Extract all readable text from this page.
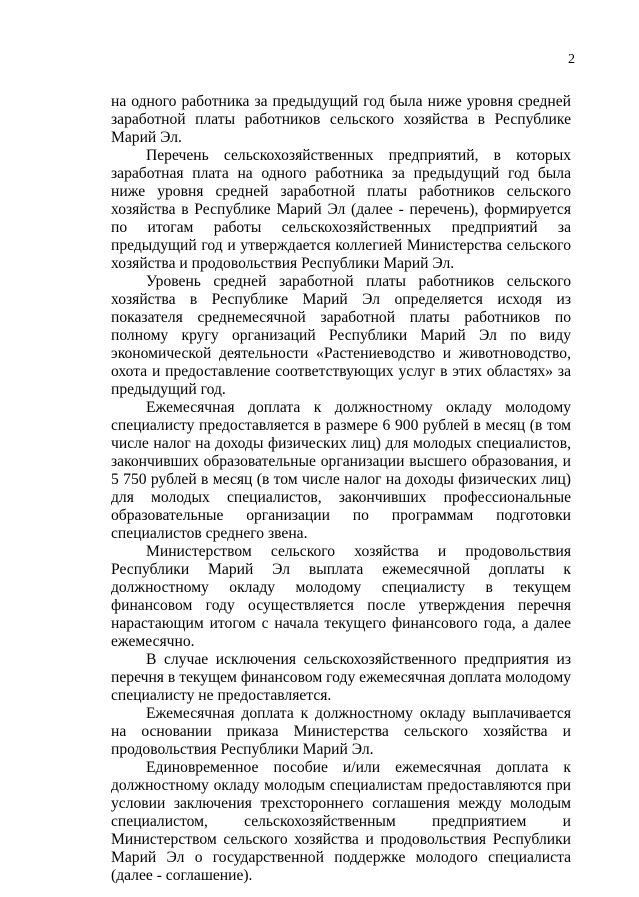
2

на одного работника за предыдущий год была ниже уровня средней заработной платы работников сельского хозяйства в Республике Марий Эл.

Перечень сельскохозяйственных предприятий, в которых заработная плата на одного работника за предыдущий год была ниже уровня средней заработной платы работников сельского хозяйства в Республике Марий Эл (далее - перечень), формируется по итогам работы сельскохозяйственных предприятий за предыдущий год и утверждается коллегией Министерства сельского хозяйства и продовольствия Республики Марий Эл.

Уровень средней заработной платы работников сельского хозяйства в Республике Марий Эл определяется исходя из показателя среднемесячной заработной платы работников по полному кругу организаций Республики Марий Эл по виду экономической деятельности «Растениеводство и животноводство, охота и предоставление соответствующих услуг в этих областях» за предыдущий год.

Ежемесячная доплата к должностному окладу молодому специалисту предоставляется в размере 6 900 рублей в месяц (в том числе налог на доходы физических лиц) для молодых специалистов, закончивших образовательные организации высшего образования, и 5 750 рублей в месяц (в том числе налог на доходы физических лиц) для молодых специалистов, закончивших профессиональные образовательные организации по программам подготовки специалистов среднего звена.

Министерством сельского хозяйства и продовольствия Республики Марий Эл выплата ежемесячной доплаты к должностному окладу молодому специалисту в текущем финансовом году осуществляется после утверждения перечня нарастающим итогом с начала текущего финансового года, а далее ежемесячно.

В случае исключения сельскохозяйственного предприятия из перечня в текущем финансовом году ежемесячная доплата молодому специалисту не предоставляется.

Ежемесячная доплата к должностному окладу выплачивается на основании приказа Министерства сельского хозяйства и продовольствия Республики Марий Эл.

Единовременное пособие и/или ежемесячная доплата к должностному окладу молодым специалистам предоставляются при условии заключения трехстороннего соглашения между молодым специалистом, сельскохозяйственным предприятием и Министерством сельского хозяйства и продовольствия Республики Марий Эл о государственной поддержке молодого специалиста (далее - соглашение).
